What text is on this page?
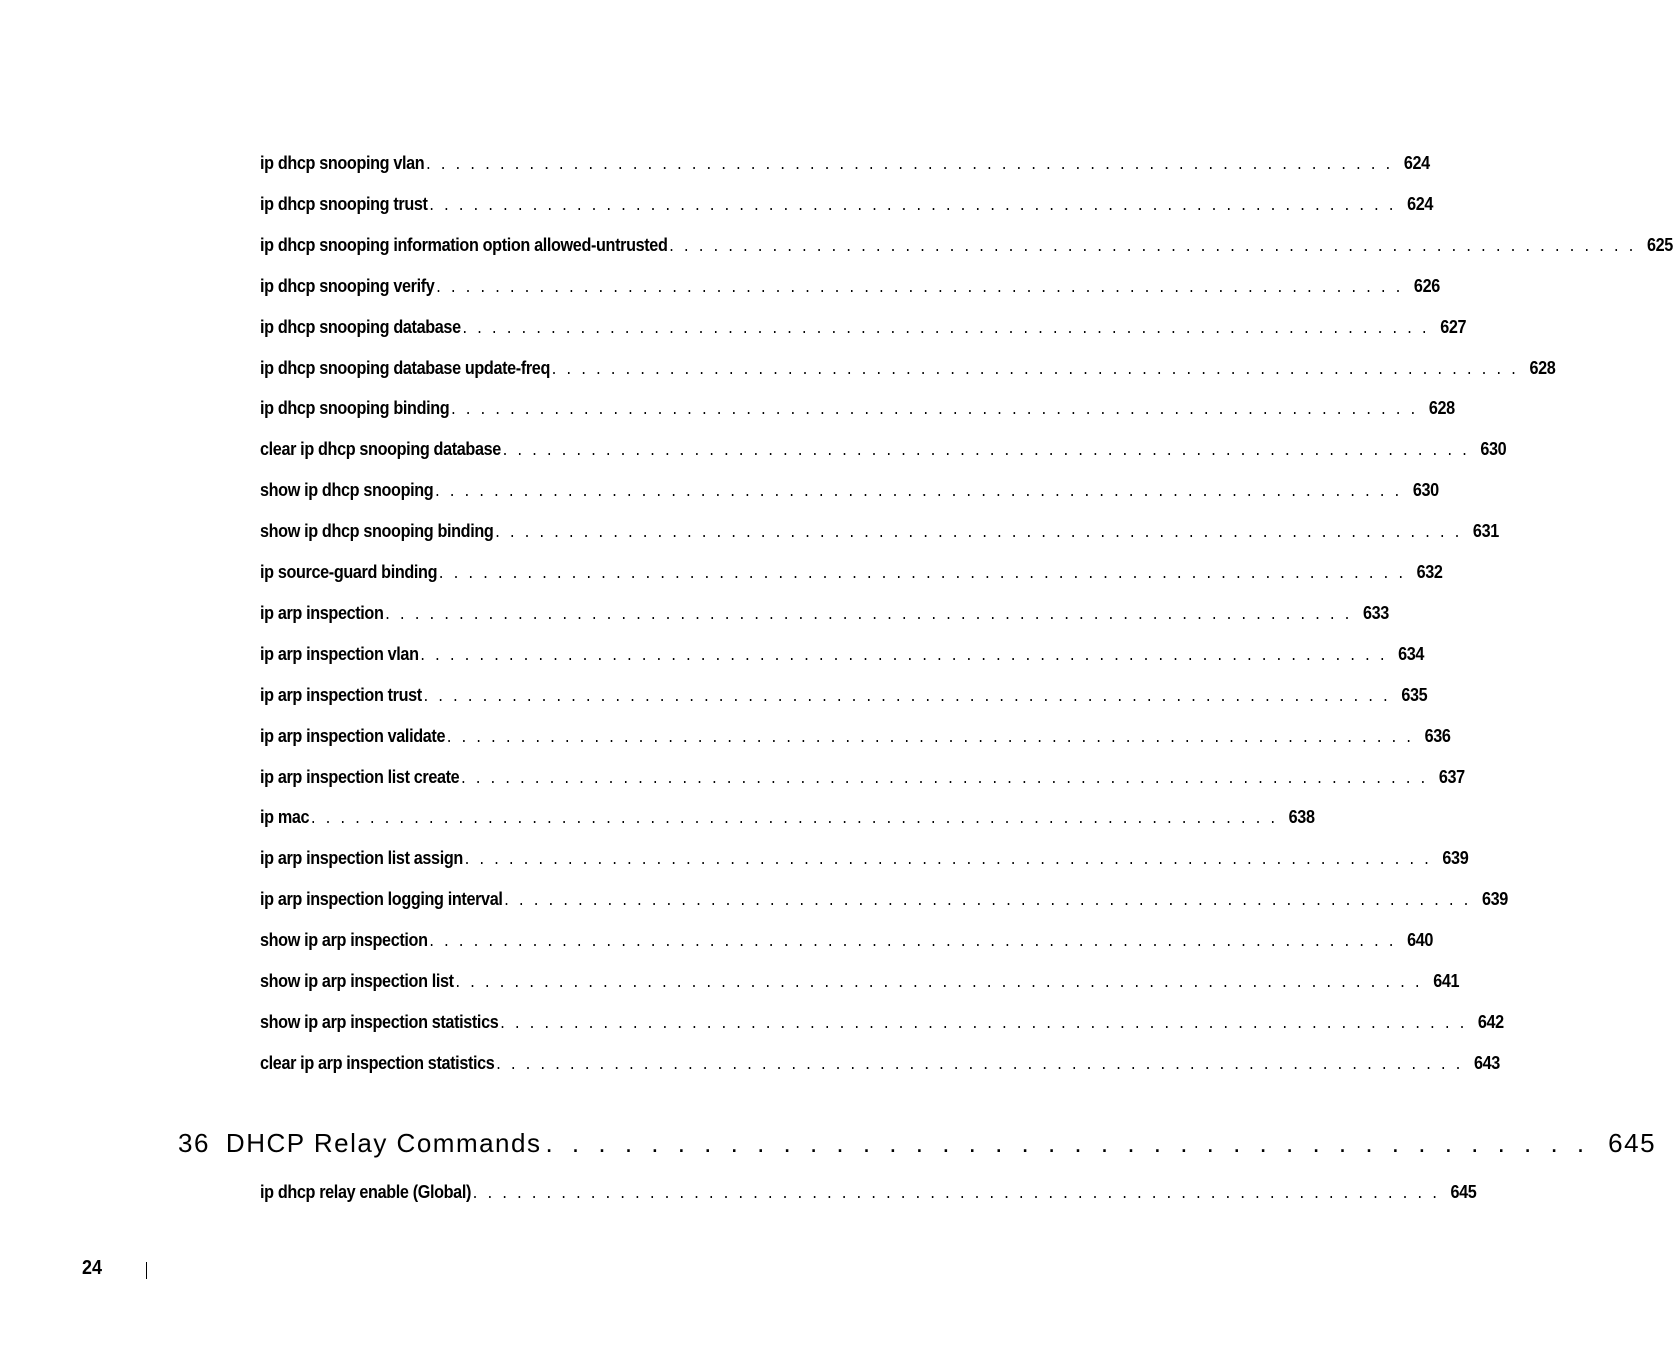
ip dhcp snooping vlan . . . . . . . . . . . . . . . . . . . . . . . . . . . . . . . . . . . . . . . . . . . . . . . . . . . . . . . . . . . . . . . . . . 624
ip dhcp snooping trust . . . . . . . . . . . . . . . . . . . . . . . . . . . . . . . . . . . . . . . . . . . . . . . . . . . . . . . . . . . . . . . . . . 624
ip dhcp snooping information option allowed-untrusted . . . . . . . . . . . . . . . . . . . . . . . . . . . . . . . . . . . . . . . . . . . . . . . . . . . . . . . . . . . . . . . . . . 625
ip dhcp snooping verify . . . . . . . . . . . . . . . . . . . . . . . . . . . . . . . . . . . . . . . . . . . . . . . . . . . . . . . . . . . . . . . . . . 626
ip dhcp snooping database . . . . . . . . . . . . . . . . . . . . . . . . . . . . . . . . . . . . . . . . . . . . . . . . . . . . . . . . . . . . . . . . . . 627
ip dhcp snooping database update-freq . . . . . . . . . . . . . . . . . . . . . . . . . . . . . . . . . . . . . . . . . . . . . . . . . . . . . . . . . . . . . . . . . . 628
ip dhcp snooping binding . . . . . . . . . . . . . . . . . . . . . . . . . . . . . . . . . . . . . . . . . . . . . . . . . . . . . . . . . . . . . . . . . . 628
clear ip dhcp snooping database . . . . . . . . . . . . . . . . . . . . . . . . . . . . . . . . . . . . . . . . . . . . . . . . . . . . . . . . . . . . . . . . . . 630
show ip dhcp snooping . . . . . . . . . . . . . . . . . . . . . . . . . . . . . . . . . . . . . . . . . . . . . . . . . . . . . . . . . . . . . . . . . . 630
show ip dhcp snooping binding . . . . . . . . . . . . . . . . . . . . . . . . . . . . . . . . . . . . . . . . . . . . . . . . . . . . . . . . . . . . . . . . . . 631
ip source-guard binding . . . . . . . . . . . . . . . . . . . . . . . . . . . . . . . . . . . . . . . . . . . . . . . . . . . . . . . . . . . . . . . . . . 632
ip arp inspection . . . . . . . . . . . . . . . . . . . . . . . . . . . . . . . . . . . . . . . . . . . . . . . . . . . . . . . . . . . . . . . . . . 633
ip arp inspection vlan . . . . . . . . . . . . . . . . . . . . . . . . . . . . . . . . . . . . . . . . . . . . . . . . . . . . . . . . . . . . . . . . . . 634
ip arp inspection trust . . . . . . . . . . . . . . . . . . . . . . . . . . . . . . . . . . . . . . . . . . . . . . . . . . . . . . . . . . . . . . . . . . 635
ip arp inspection validate . . . . . . . . . . . . . . . . . . . . . . . . . . . . . . . . . . . . . . . . . . . . . . . . . . . . . . . . . . . . . . . . . . 636
ip arp inspection list create . . . . . . . . . . . . . . . . . . . . . . . . . . . . . . . . . . . . . . . . . . . . . . . . . . . . . . . . . . . . . . . . . . 637
ip mac . . . . . . . . . . . . . . . . . . . . . . . . . . . . . . . . . . . . . . . . . . . . . . . . . . . . . . . . . . . . . . . . . . 638
ip arp inspection list assign . . . . . . . . . . . . . . . . . . . . . . . . . . . . . . . . . . . . . . . . . . . . . . . . . . . . . . . . . . . . . . . . . . 639
ip arp inspection logging interval . . . . . . . . . . . . . . . . . . . . . . . . . . . . . . . . . . . . . . . . . . . . . . . . . . . . . . . . . . . . . . . . . . 639
show ip arp inspection . . . . . . . . . . . . . . . . . . . . . . . . . . . . . . . . . . . . . . . . . . . . . . . . . . . . . . . . . . . . . . . . . . 640
show ip arp inspection list . . . . . . . . . . . . . . . . . . . . . . . . . . . . . . . . . . . . . . . . . . . . . . . . . . . . . . . . . . . . . . . . . . 641
show ip arp inspection statistics . . . . . . . . . . . . . . . . . . . . . . . . . . . . . . . . . . . . . . . . . . . . . . . . . . . . . . . . . . . . . . . . . . 642
clear ip arp inspection statistics . . . . . . . . . . . . . . . . . . . . . . . . . . . . . . . . . . . . . . . . . . . . . . . . . . . . . . . . . . . . . . . . . . 643
36 DHCP Relay Commands . . . . . . . . . . . . . . . . . . . . . . . . . . . . . . . . . . . . . . . . 645
ip dhcp relay enable (Global) . . . . . . . . . . . . . . . . . . . . . . . . . . . . . . . . . . . . . . . . . . . . . . . . . . . . . . . . . . . . . . . . . . 645
24
